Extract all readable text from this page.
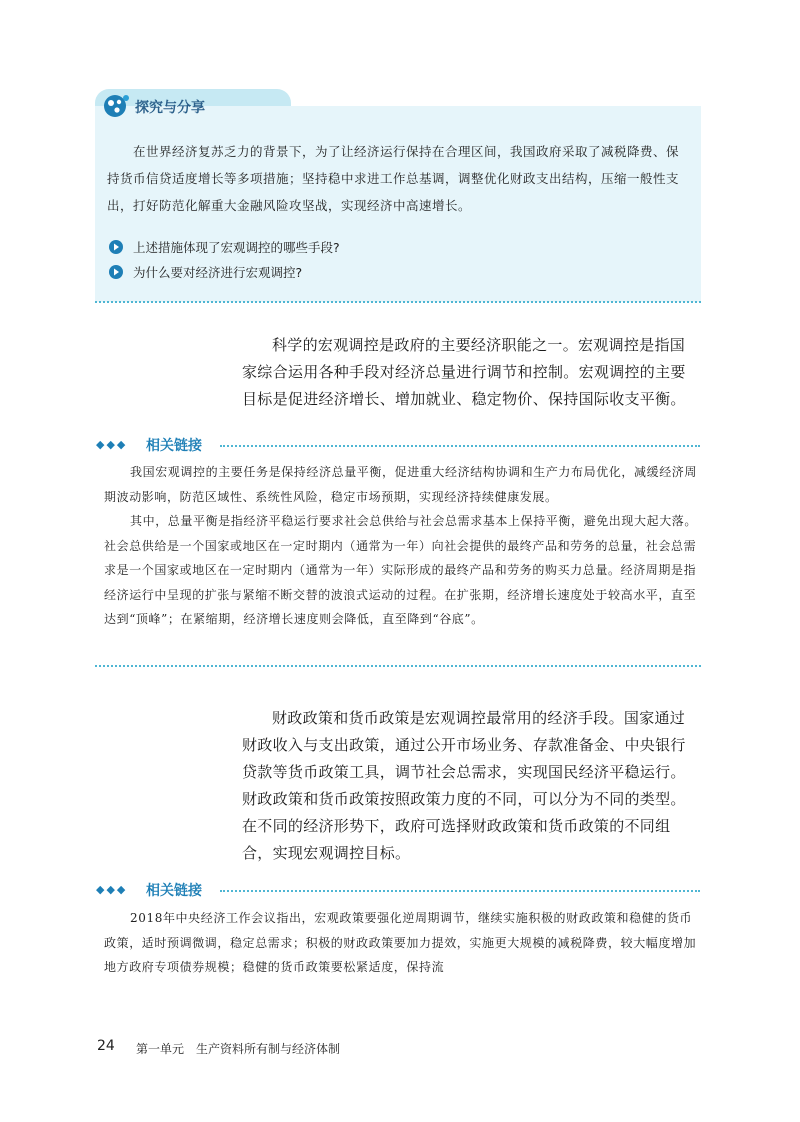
探究与分享
在世界经济复苏乏力的背景下，为了让经济运行保持在合理区间，我国政府采取了减税降费、保持货币信贷适度增长等多项措施；坚持稳中求进工作总基调，调整优化财政支出结构，压缩一般性支出，打好防范化解重大金融风险攻坚战，实现经济中高速增长。
上述措施体现了宏观调控的哪些手段?
为什么要对经济进行宏观调控?
科学的宏观调控是政府的主要经济职能之一。宏观调控是指国家综合运用各种手段对经济总量进行调节和控制。宏观调控的主要目标是促进经济增长、增加就业、稳定物价、保持国际收支平衡。
◆◆◆ 相关链接

我国宏观调控的主要任务是保持经济总量平衡，促进重大经济结构协调和生产力布局优化，减缓经济周期波动影响，防范区域性、系统性风险，稳定市场预期，实现经济持续健康发展。

其中，总量平衡是指经济平稳运行要求社会总供给与社会总需求基本上保持平衡，避免出现大起大落。社会总供给是一个国家或地区在一定时期内（通常为一年）向社会提供的最终产品和劳务的总量，社会总需求是一个国家或地区在一定时期内（通常为一年）实际形成的最终产品和劳务的购买力总量。经济周期是指经济运行中呈现的扩张与紧缩不断交替的波浪式运动的过程。在扩张期，经济增长速度处于较高水平，直至达到“顶峰”；在紧缩期，经济增长速度则会降低，直至降到“谷底”。

财政政策和货币政策是宏观调控最常用的经济手段。国家通过财政收入与支出政策，通过公开市场业务、存款准备金、中央银行贷款等货币政策工具，调节社会总需求，实现国民经济平稳运行。财政政策和货币政策按照政策力度的不同，可以分为不同的类型。在不同的经济形势下，政府可选择财政政策和货币政策的不同组合，实现宏观调控目标。
◆◆◆ 相关链接

2018年中央经济工作会议指出，宏观政策要强化逆周期调节，继续实施积极的财政政策和稳健的货币政策，适时预调微调，稳定总需求；积极的财政政策要加力提效，实施更大规模的减税降费，较大幅度增加地方政府专项债券规模；稳健的货币政策要松紧适度，保持流

24 第一单元　生产资料所有制与经济体制
